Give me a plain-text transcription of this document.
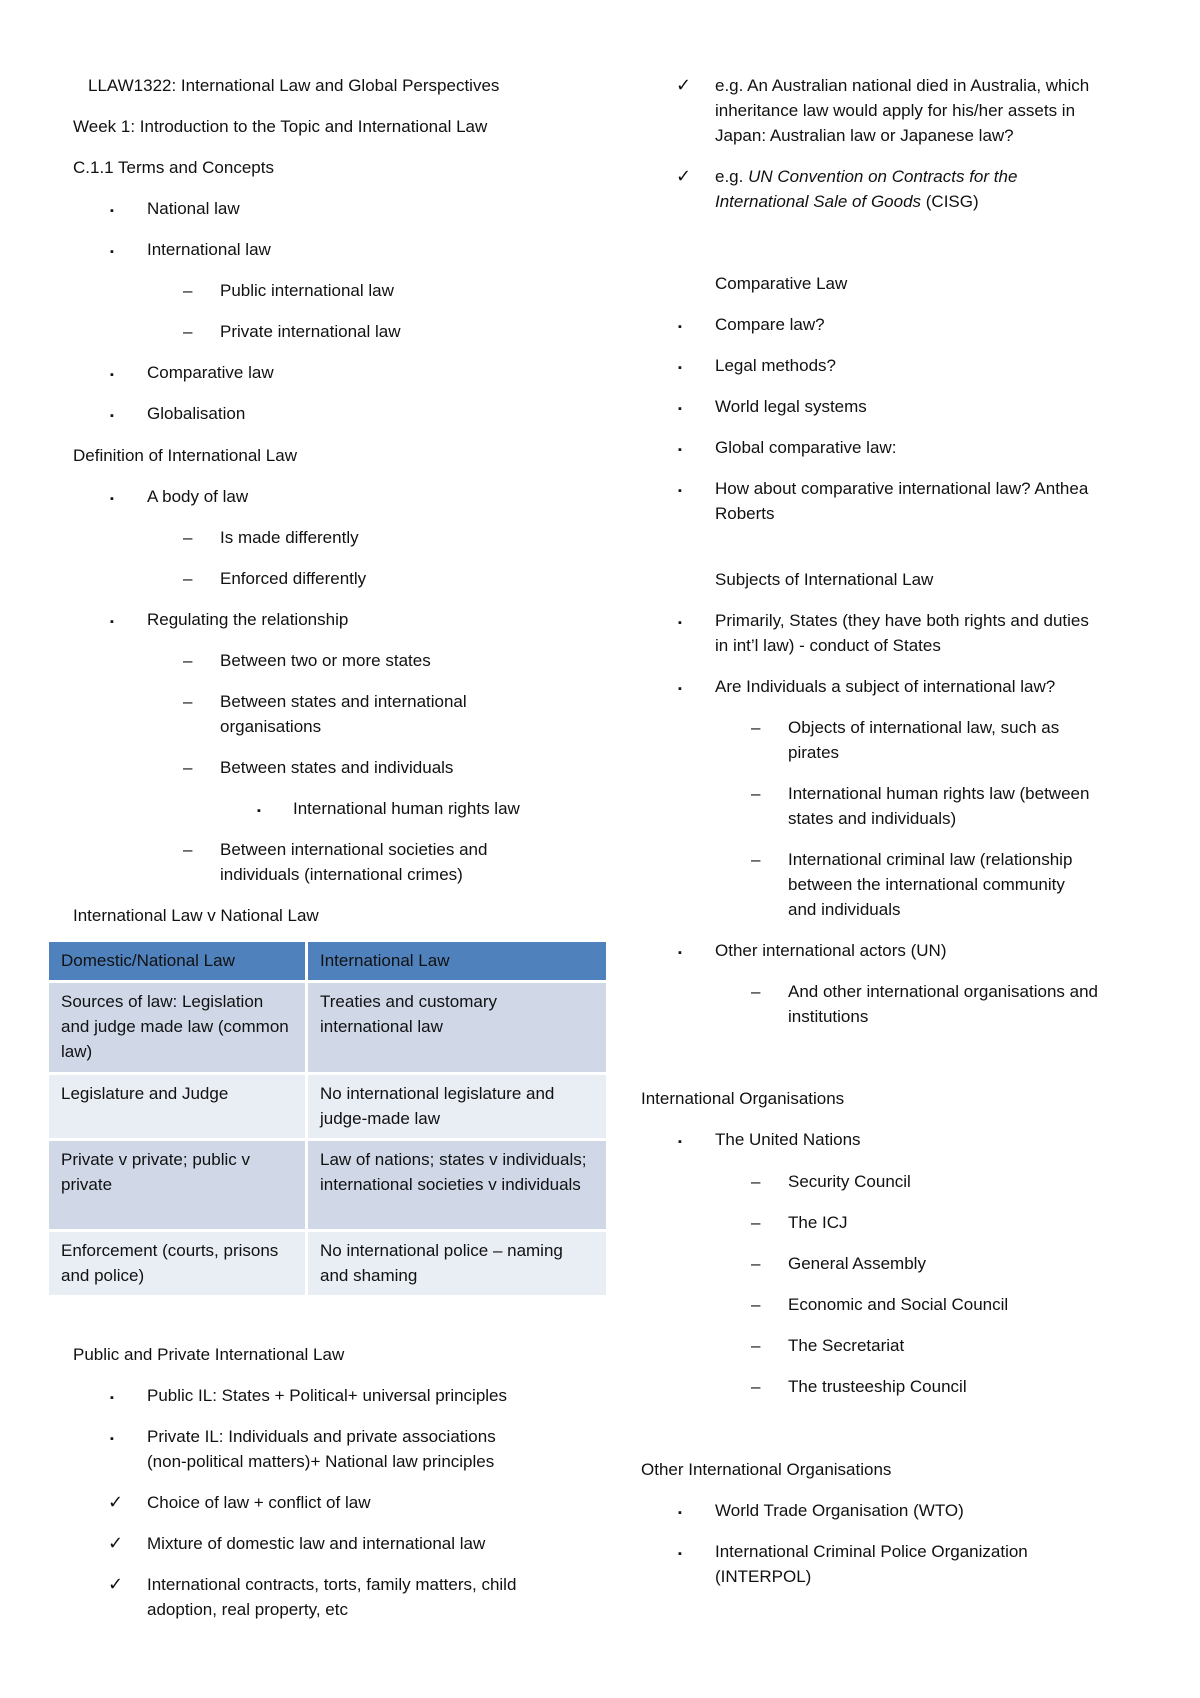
LLAW1322: International Law and Global Perspectives
Week 1: Introduction to the Topic and International Law
C.1.1 Terms and Concepts
▪
National law
▪
International law
–
Public international law
–
Private international law
▪
Comparative law
▪
Globalisation
Definition of International Law
▪
A body of law
–
Is made differently
–
Enforced differently
▪
Regulating the relationship
–
Between two or more states
–
Between states and international
organisations
–
Between states and individuals
▪
International human rights law
–
Between international societies and
individuals (international crimes)
International Law v National Law
Domestic/National Law	International Law
Sources of law: Legislation and judge made law (common law)	Treaties and customary international law
Legislature and Judge	No international legislature and judge-made law
Private v private; public v private	Law of nations; states v individuals; international societies v individuals
Enforcement (courts, prisons and police)	No international police – naming and shaming
Public and Private International Law
▪
Public IL: States + Political+ universal principles
▪
Private IL: Individuals and private associations
(non-political matters)+ National law principles
✓
Choice of law + conflict of law
✓
Mixture of domestic law and international law
✓
International contracts, torts, family matters, child
adoption, real property, etc
✓
e.g. An Australian national died in Australia, which
inheritance law would apply for his/her assets in
Japan: Australian law or Japanese law?
✓
e.g. UN Convention on Contracts for the
International Sale of Goods (CISG)
Comparative Law
▪
Compare law?
▪
Legal methods?
▪
World legal systems
▪
Global comparative law:
▪
How about comparative international law? Anthea
Roberts
Subjects of International Law
▪
Primarily, States (they have both rights and duties
in int’l law) - conduct of States
▪
Are Individuals a subject of international law?
–
Objects of international law, such as
pirates
–
International human rights law (between
states and individuals)
–
International criminal law (relationship
between the international community
and individuals
▪
Other international actors (UN)
–
And other international organisations and
institutions
International Organisations
▪
The United Nations
–
Security Council
–
The ICJ
–
General Assembly
–
Economic and Social Council
–
The Secretariat
–
The trusteeship Council
Other International Organisations
▪
World Trade Organisation (WTO)
▪
International Criminal Police Organization
(INTERPOL)
